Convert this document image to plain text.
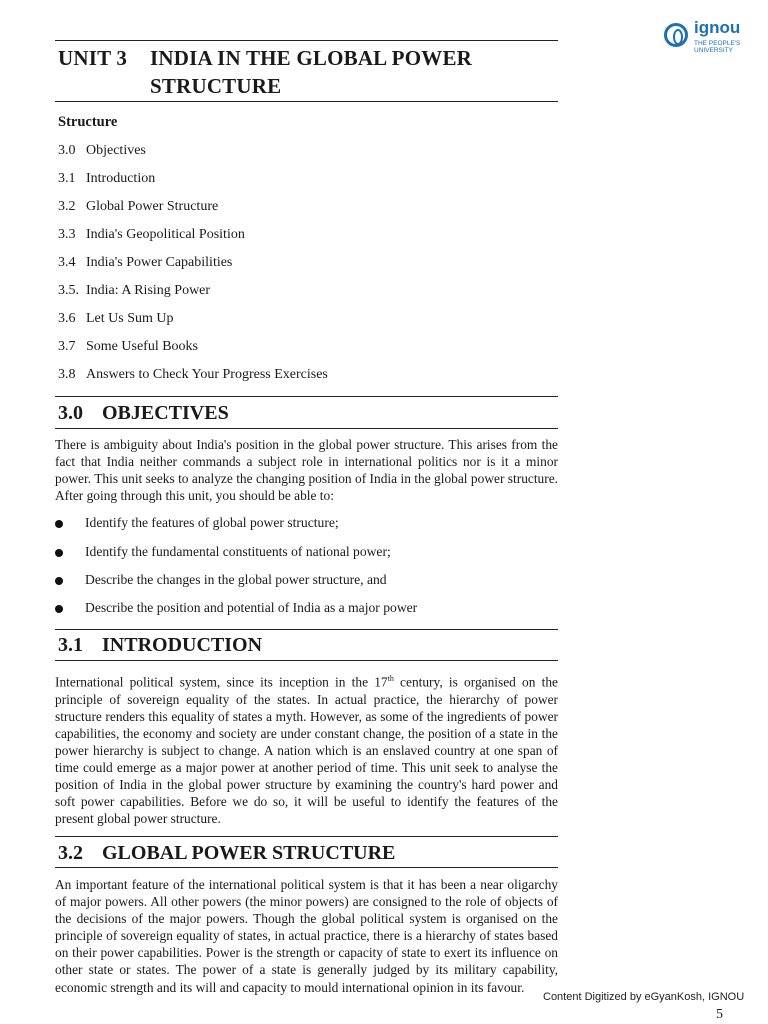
ignou
THE PEOPLE'S UNIVERSITY
UNIT 3 INDIA IN THE GLOBAL POWER STRUCTURE
Structure
3.0 Objectives
3.1 Introduction
3.2 Global Power Structure
3.3 India's Geopolitical Position
3.4 India's Power Capabilities
3.5. India: A Rising Power
3.6 Let Us Sum Up
3.7 Some Useful Books
3.8 Answers to Check Your Progress Exercises
3.0 OBJECTIVES
There is ambiguity about India's position in the global power structure. This arises from the fact that India neither commands a subject role in international politics nor is it a minor power. This unit seeks to analyze the changing position of India in the global power structure. After going through this unit, you should be able to:
Identify the features of global power structure;
Identify the fundamental constituents of national power;
Describe the changes in the global power structure, and
Describe the position and potential of India as a major power
3.1 INTRODUCTION
International political system, since its inception in the 17th century, is organised on the principle of sovereign equality of the states. In actual practice, the hierarchy of power structure renders this equality of states a myth. However, as some of the ingredients of power capabilities, the economy and society are under constant change, the position of a state in the power hierarchy is subject to change. A nation which is an enslaved country at one span of time could emerge as a major power at another period of time. This unit seek to analyse the position of India in the global power structure by examining the country's hard power and soft power capabilities. Before we do so, it will be useful to identify the features of the present global power structure.
3.2 GLOBAL POWER STRUCTURE
An important feature of the international political system is that it has been a near oligarchy of major powers. All other powers (the minor powers) are consigned to the role of objects of the decisions of the major powers. Though the global political system is organised on the principle of sovereign equality of states, in actual practice, there is a hierarchy of states based on their power capabilities. Power is the strength or capacity of state to exert its influence on other state or states. The power of a state is generally judged by its military capability, economic strength and its will and capacity to mould international opinion in its favour.
Content Digitized by eGyanKosh, IGNOU
5
